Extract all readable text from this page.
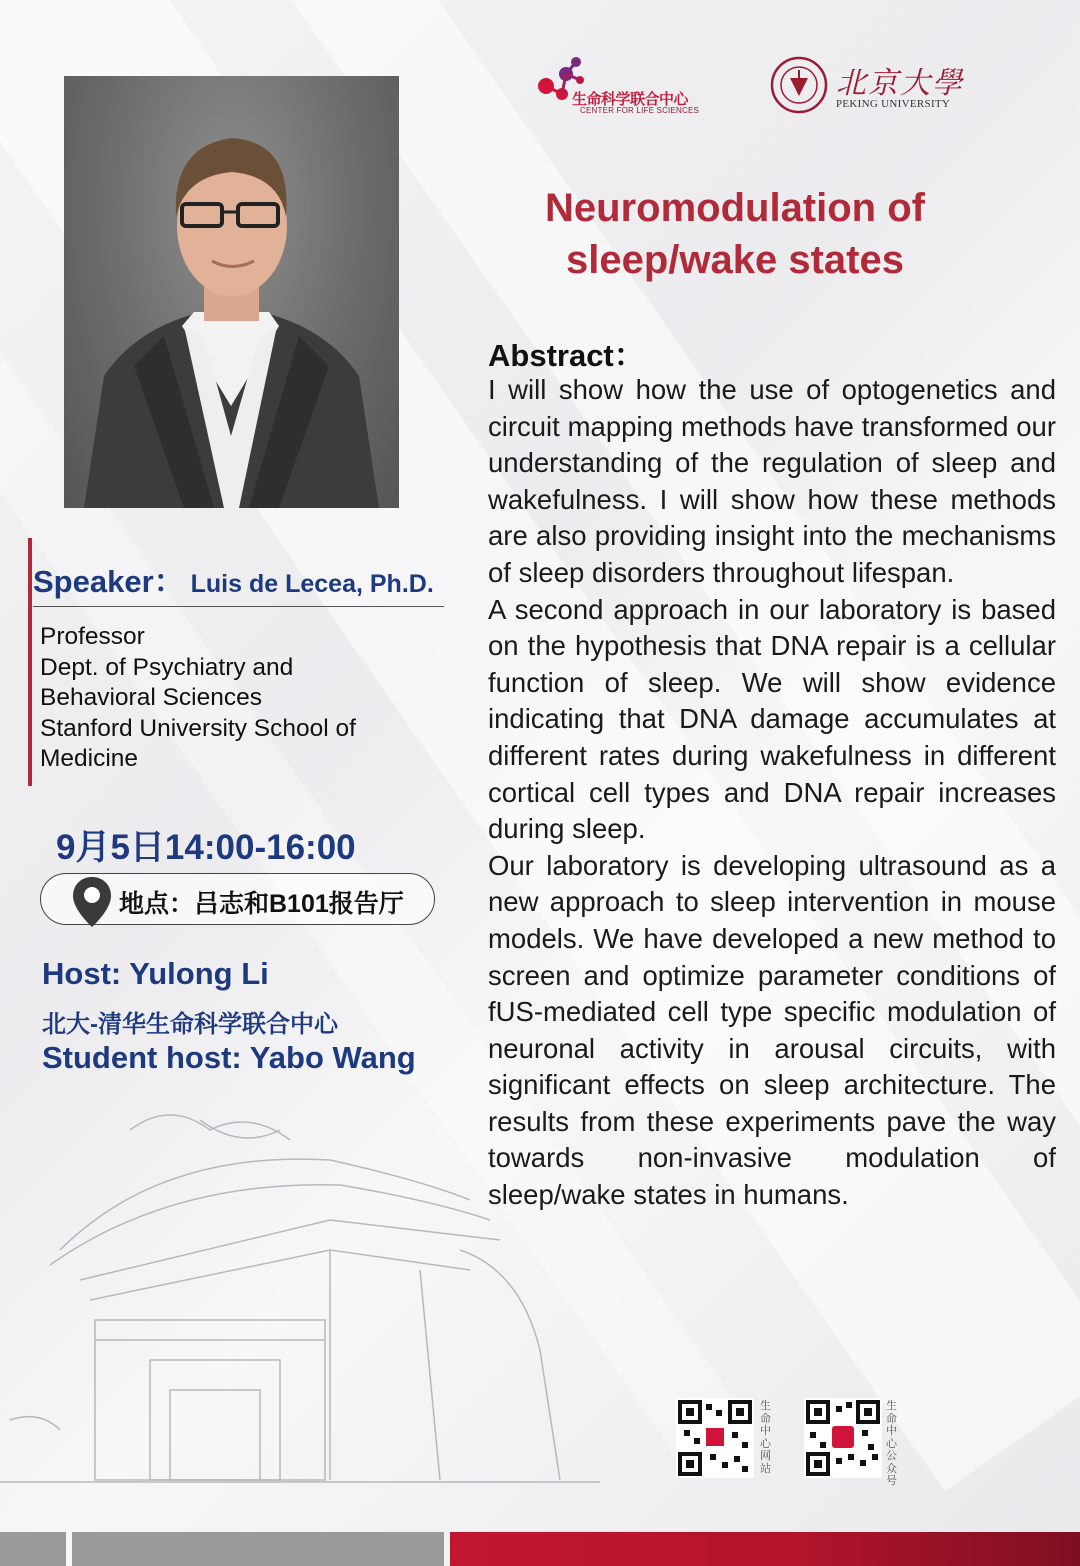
生命科学联合中心
CENTER FOR LIFE SCIENCES
北京大學
PEKING UNIVERSITY
Neuromodulation of
sleep/wake states
Abstract：

I will show how the use of optogenetics and circuit mapping methods have transformed our understanding of the regulation of sleep and wakefulness. I will show how these methods are also providing insight into the mechanisms of sleep disorders throughout lifespan.

A second approach in our laboratory is based on the hypothesis that DNA repair is a cellular function of sleep. We will show evidence indicating that DNA damage accumulates at different rates during wakefulness in different cortical cell types and DNA repair increases during sleep.

Our laboratory is developing ultrasound as a new approach to sleep intervention in mouse models. We have developed a new method to screen and optimize parameter conditions of fUS-mediated cell type specific modulation of neuronal activity in arousal circuits, with significant effects on sleep architecture. The results from these experiments pave the way towards non-invasive modulation of sleep/wake states in humans.

Speaker： Luis de Lecea, Ph.D.
Professor
Dept. of Psychiatry and
Behavioral Sciences
Stanford University School of
Medicine
9月5日14:00-16:00
地点：吕志和B101报告厅
Host: Yulong Li
北大-清华生命科学联合中心
Student host: Yabo Wang
生命中心网站
生命中心公众号
